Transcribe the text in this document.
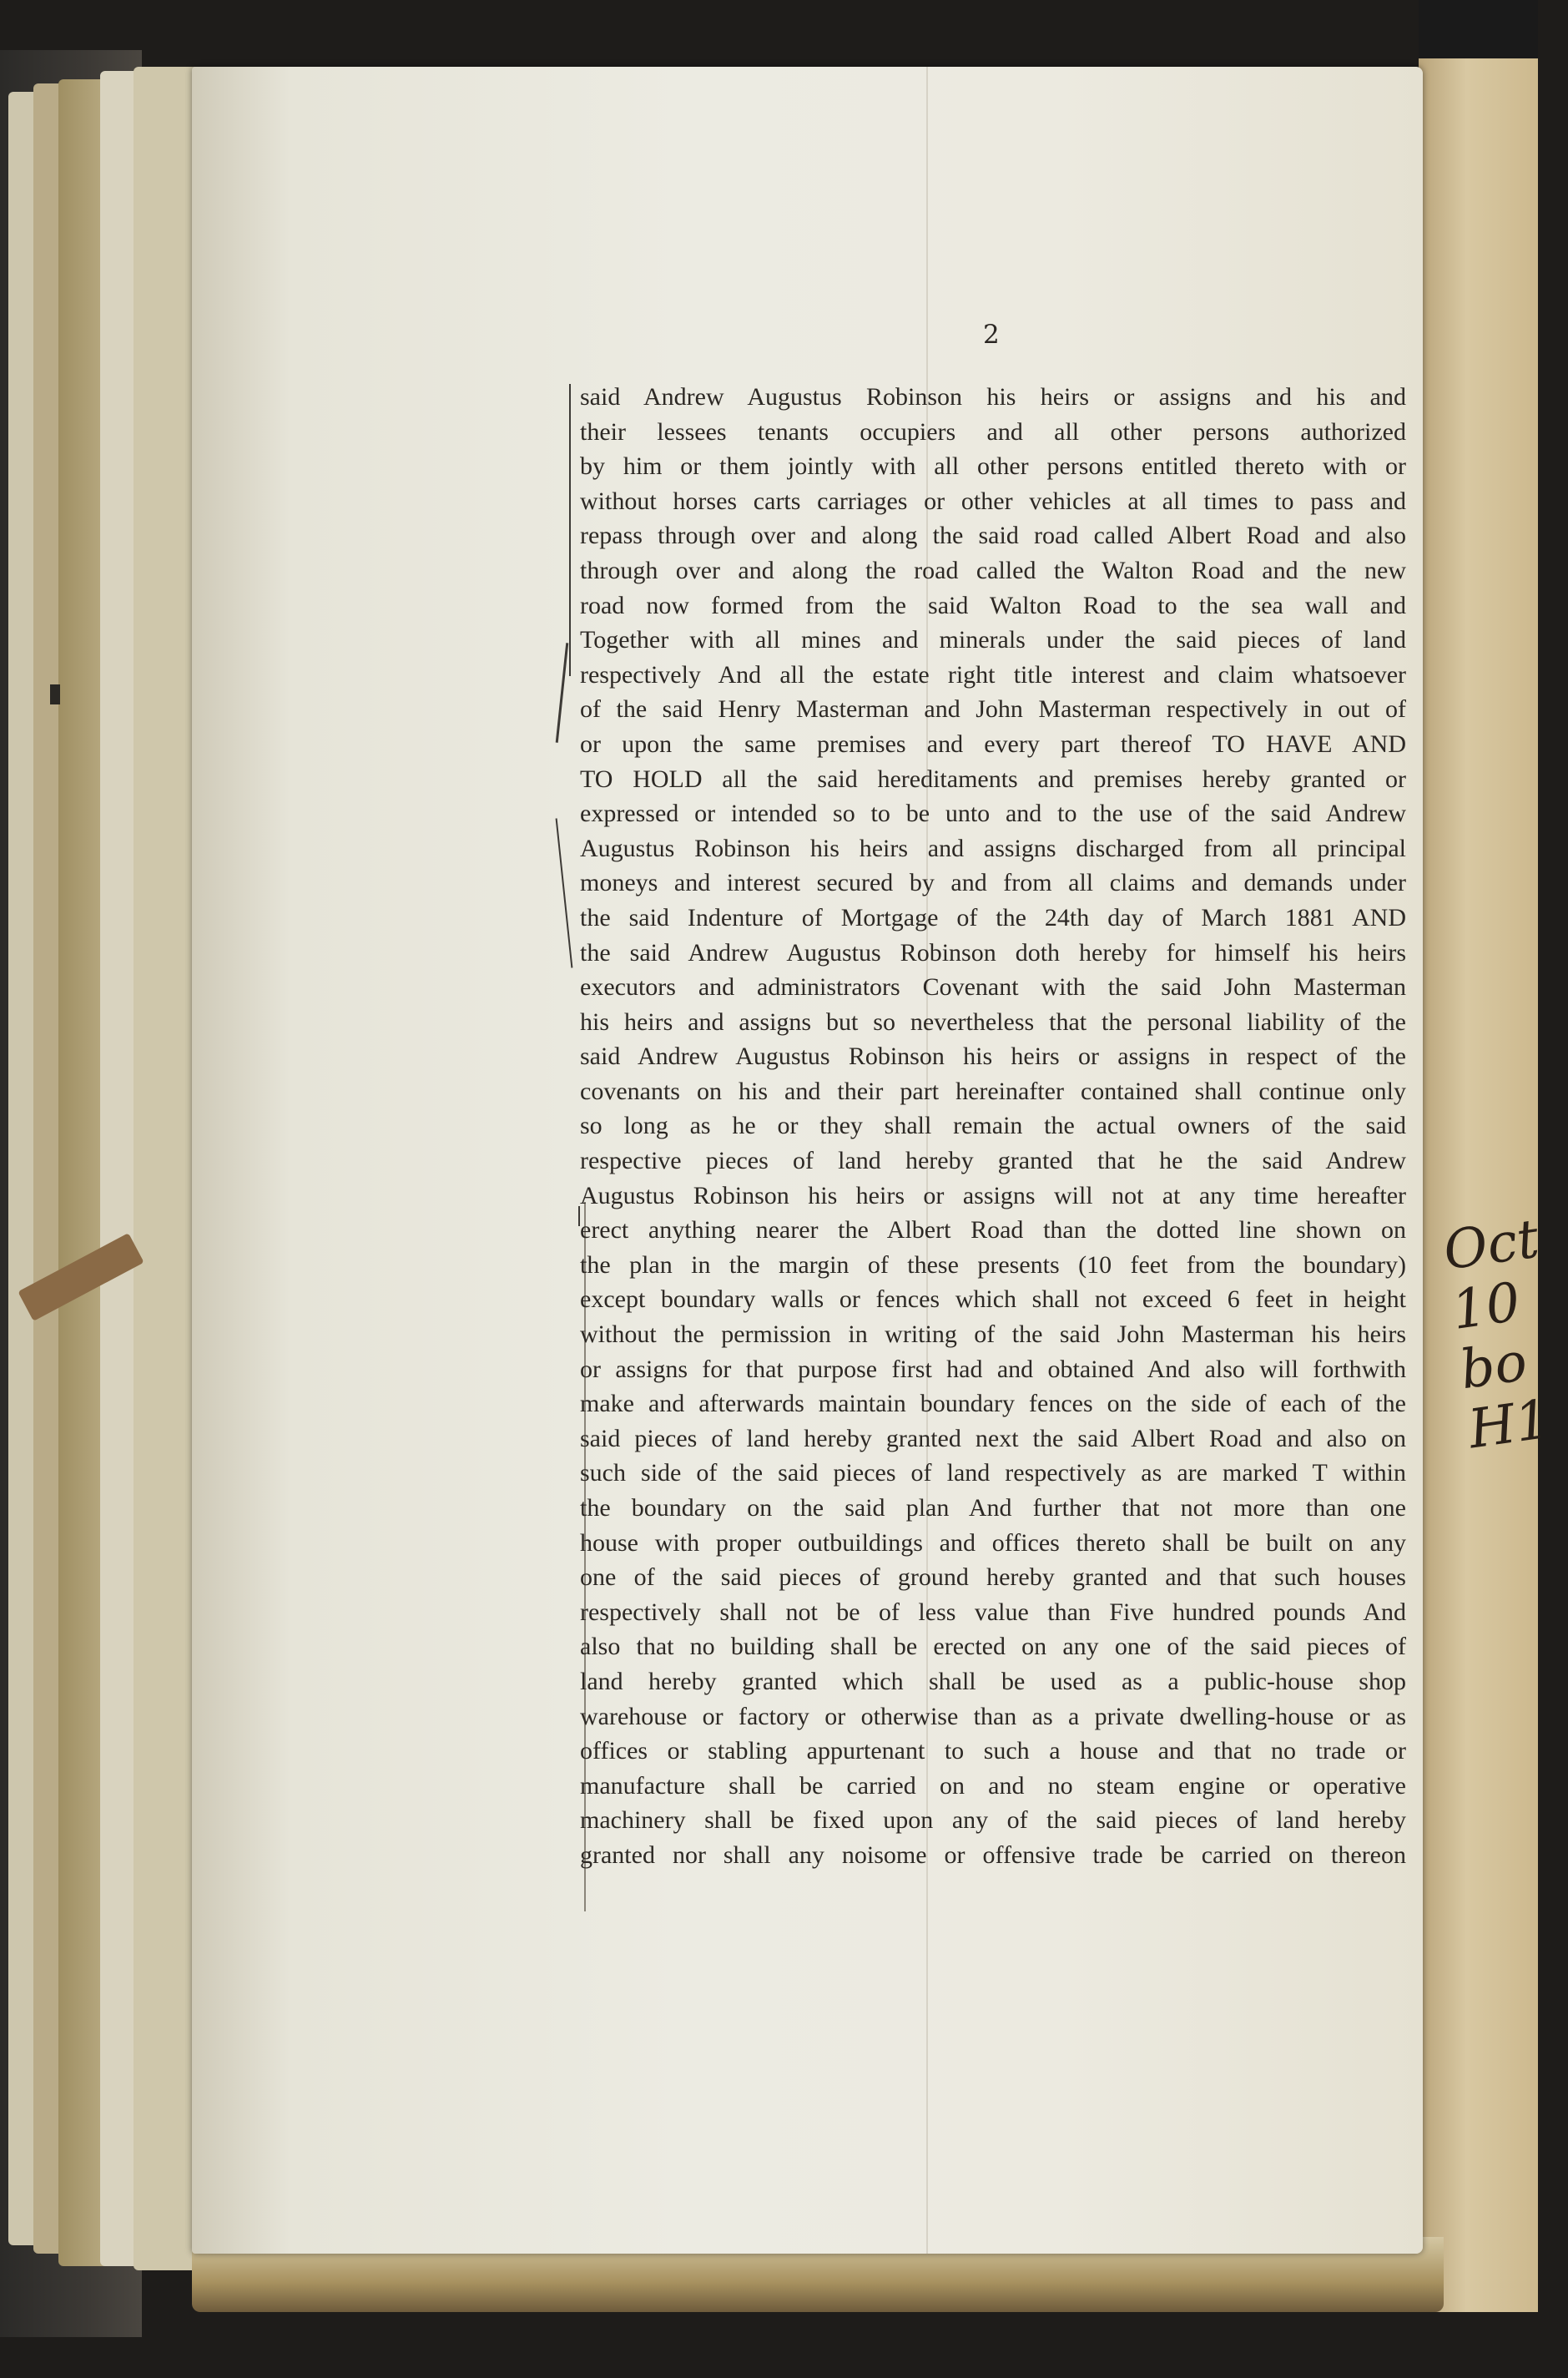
Oct 10
bo H1
2
said Andrew Augustus Robinson his heirs or assigns and his and
their lessees tenants occupiers and all other persons authorized
by him or them jointly with all other persons entitled thereto with or
without horses carts carriages or other vehicles at all times to pass and
repass through over and along the said road called Albert Road and also
through over and along the road called the Walton Road and the new
road now formed from the said Walton Road to the sea wall and
Together with all mines and minerals under the said pieces of land
respectively And all the estate right title interest and claim whatsoever
of the said Henry Masterman and John Masterman respectively in out of
or upon the same premises and every part thereof TO HAVE AND
TO HOLD all the said hereditaments and premises hereby granted or
expressed or intended so to be unto and to the use of the said Andrew
Augustus Robinson his heirs and assigns discharged from all principal
moneys and interest secured by and from all claims and demands under
the said Indenture of Mortgage of the 24th day of March 1881 AND
the said Andrew Augustus Robinson doth hereby for himself his heirs
executors and administrators Covenant with the said John Masterman
his heirs and assigns but so nevertheless that the personal liability of the
said Andrew Augustus Robinson his heirs or assigns in respect of the
covenants on his and their part hereinafter contained shall continue only
so long as he or they shall remain the actual owners of the said
respective pieces of land hereby granted that he the said Andrew
Augustus Robinson his heirs or assigns will not at any time hereafter
erect anything nearer the Albert Road than the dotted line shown on
the plan in the margin of these presents (10 feet from the boundary)
except boundary walls or fences which shall not exceed 6 feet in height
without the permission in writing of the said John Masterman his heirs
or assigns for that purpose first had and obtained And also will forthwith
make and afterwards maintain boundary fences on the side of each of the
said pieces of land hereby granted next the said Albert Road and also on
such side of the said pieces of land respectively as are marked T within
the boundary on the said plan And further that not more than one
house with proper outbuildings and offices thereto shall be built on any
one of the said pieces of ground hereby granted and that such houses
respectively shall not be of less value than Five hundred pounds And
also that no building shall be erected on any one of the said pieces of
land hereby granted which shall be used as a public-house shop
warehouse or factory or otherwise than as a private dwelling-house or as
offices or stabling appurtenant to such a house and that no trade or
manufacture shall be carried on and no steam engine or operative
machinery shall be fixed upon any of the said pieces of land hereby
granted nor shall any noisome or offensive trade be carried on thereon
